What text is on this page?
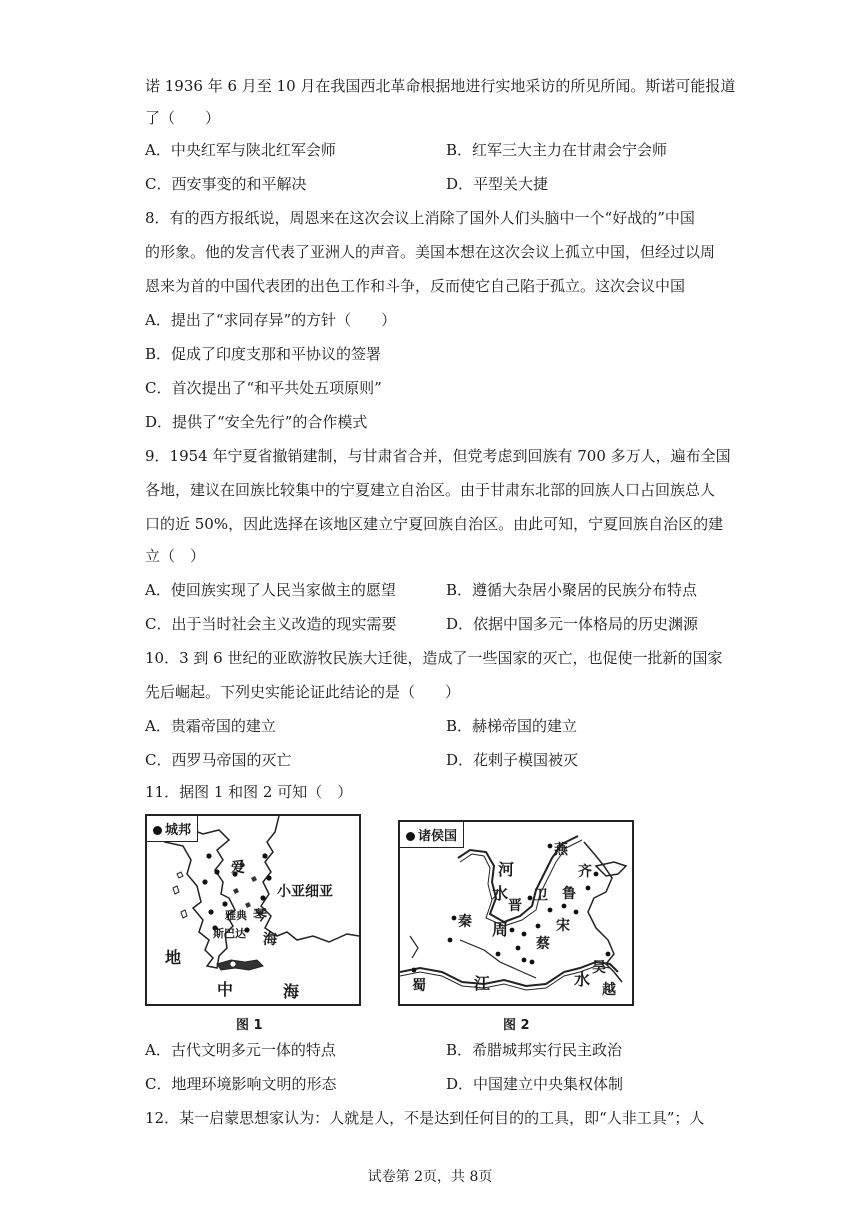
诺 1936 年 6 月至 10 月在我国西北革命根据地进行实地采访的所见所闻。斯诺可能报道
了（　　）
A．中央红军与陕北红军会师	B．红军三大主力在甘肃会宁会师
C．西安事变的和平解决	D．平型关大捷
8．有的西方报纸说，周恩来在这次会议上消除了国外人们头脑中一个“好战的”中国
的形象。他的发言代表了亚洲人的声音。美国本想在这次会议上孤立中国，但经过以周
恩来为首的中国代表团的出色工作和斗争，反而使它自己陷于孤立。这次会议中国
A．提出了“求同存异”的方针（　　）
B．促成了印度支那和平协议的签署
C．首次提出了“和平共处五项原则”
D．提供了“安全先行”的合作模式
9．1954 年宁夏省撤销建制，与甘肃省合并，但党考虑到回族有 700 多万人，遍布全国
各地，建议在回族比较集中的宁夏建立自治区。由于甘肃东北部的回族人口占回族总人
口的近 50%，因此选择在该地区建立宁夏回族自治区。由此可知，宁夏回族自治区的建
立（　）
A．使回族实现了人民当家做主的愿望	B．遵循大杂居小聚居的民族分布特点
C．出于当时社会主义改造的现实需要	D．依据中国多元一体格局的历史渊源
10．3 到 6 世纪的亚欧游牧民族大迁徙，造成了一些国家的灭亡，也促使一批新的国家
先后崛起。下列史实能论证此结论的是（　　）
A．贵霜帝国的建立	B．赫梯帝国的建立
C．西罗马帝国的灭亡	D．花剌子模国被灭
11．据图 1 和图 2 可知（　）
城邦
爱
小亚细亚
雅典 琴
斯巴达 海
地
中	海
图 1
诸侯国
燕
河
水
齐
鲁
晋
卫
秦	宋
周
蔡
蜀
吴
江	水
越
图 2
A．古代文明多元一体的特点	B．希腊城邦实行民主政治
C．地理环境影响文明的形态	D．中国建立中央集权体制
12．某一启蒙思想家认为：人就是人，不是达到任何目的的工具，即“人非工具”；人
试卷第 2页，共 8页
